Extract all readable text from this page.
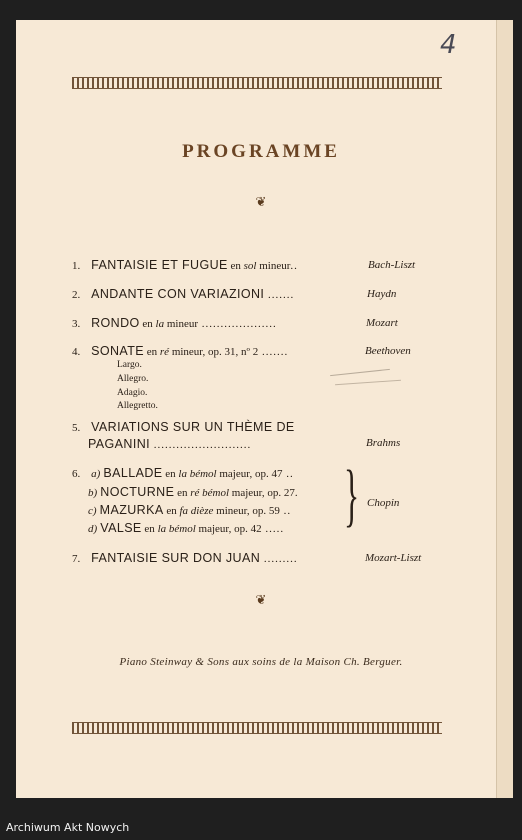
4
PROGRAMME
❦
1. FANTAISIE ET FUGUE en sol mineur..	Bach-Liszt
2. ANDANTE CON VARIAZIONI .......	Haydn
3. RONDO en la mineur ....................	Mozart
4. SONATE en ré mineur, op. 31, nº 2 .......	Beethoven
Largo.
Allegro.
Adagio.
Allegretto.
5. VARIATIONS SUR UN THÈME DE
PAGANINI ..........................	Brahms
6. a) BALLADE en la bémol majeur, op. 47 ..
b) NOCTURNE en ré bémol majeur, op. 27.
c) MAZURKA en fa dièze mineur, op. 59 ..
d) VALSE en la bémol majeur, op. 42 ..... } Chopin
7. FANTAISIE SUR DON JUAN .........	Mozart-Liszt
❦
Piano Steinway & Sons aux soins de la Maison Ch. Berguer.
Archiwum Akt Nowych
